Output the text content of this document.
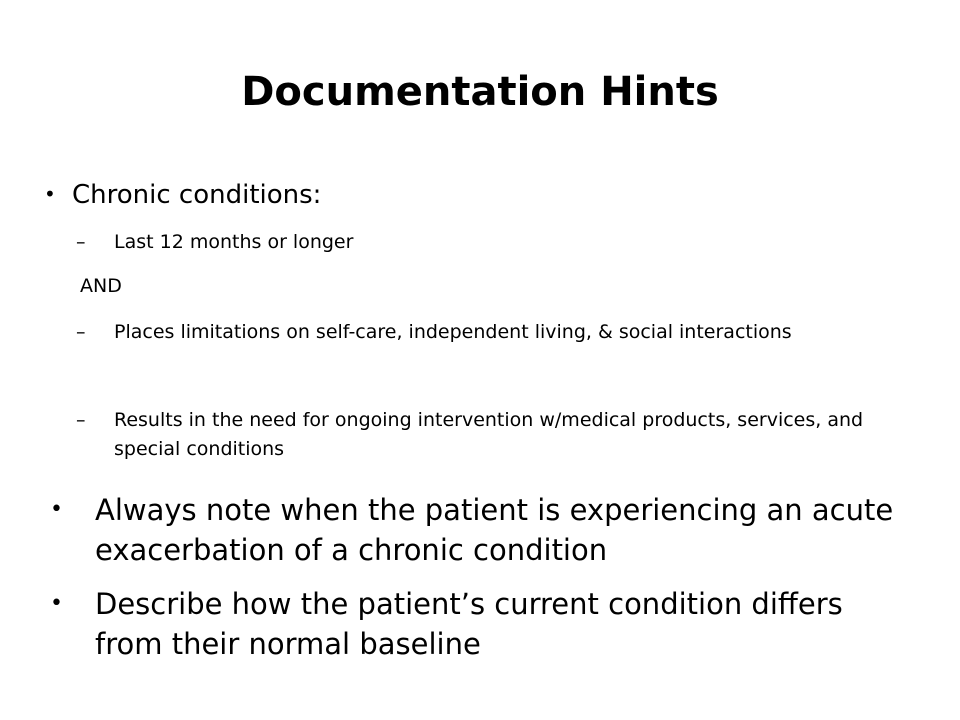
Documentation Hints
• Chronic conditions:
– Last 12 months or longer
AND
– Places limitations on self-care, independent living, & social interactions
– Results in the need for ongoing intervention w/medical products, services, and special conditions
• Always note when the patient is experiencing an acute exacerbation of a chronic condition
• Describe how the patient’s current condition differs from their normal baseline
